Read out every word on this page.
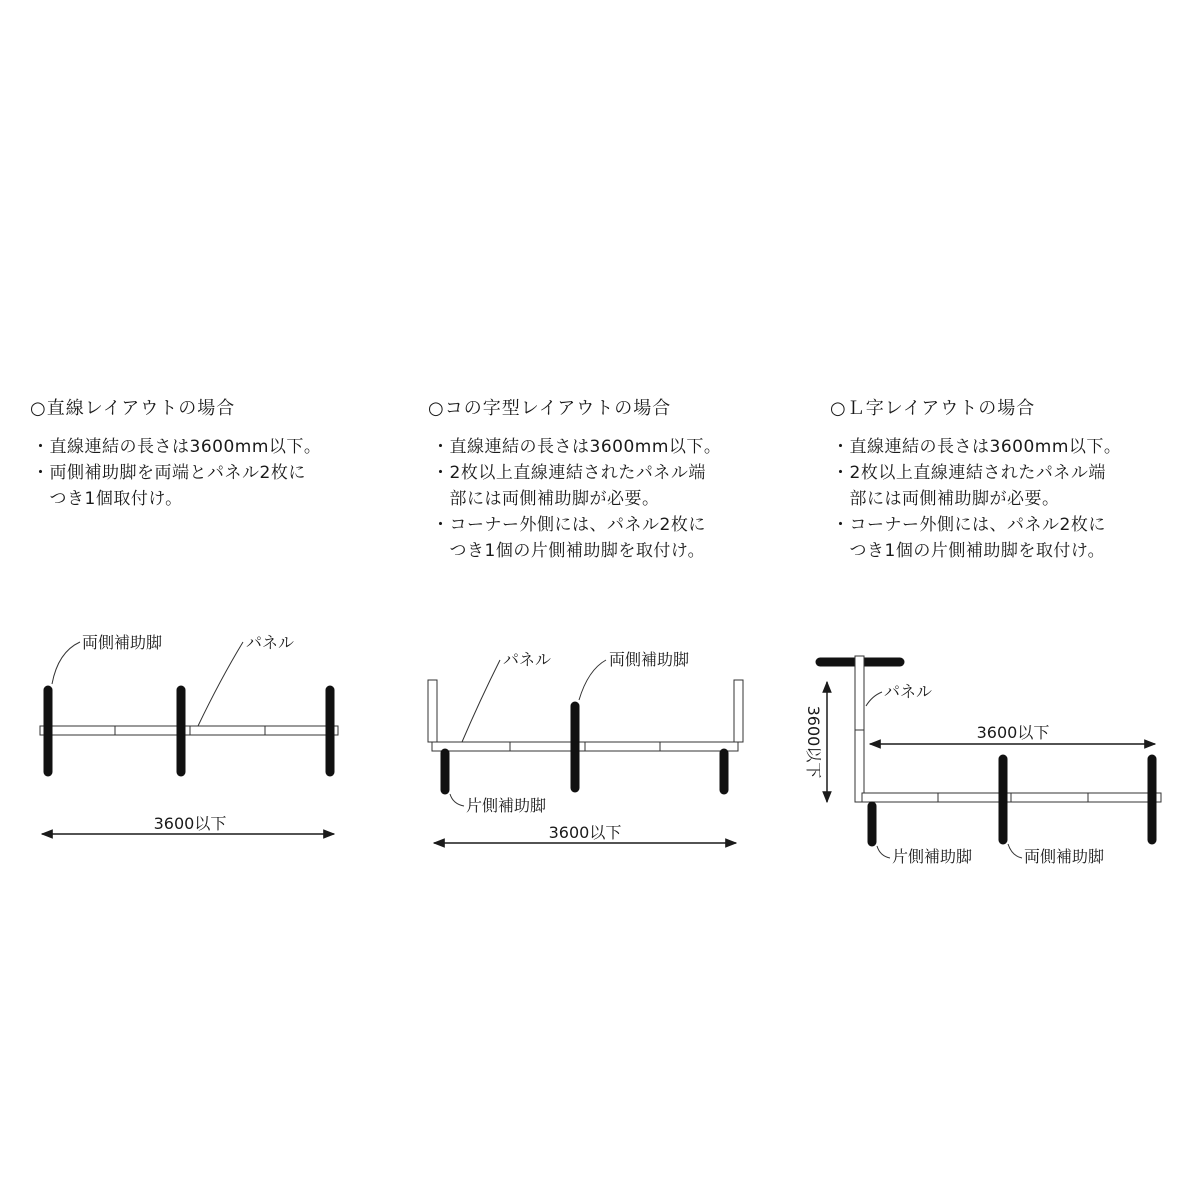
○直線レイアウトの場合
・直線連結の長さは3600mm以下。
・両側補助脚を両端とパネル2枚に
　つき1個取付け。
○コの字型レイアウトの場合
・直線連結の長さは3600mm以下。
・2枚以上直線連結されたパネル端
　部には両側補助脚が必要。
・コーナー外側には、パネル2枚に
　つき1個の片側補助脚を取付け。
○Ｌ字レイアウトの場合
・直線連結の長さは3600mm以下。
・2枚以上直線連結されたパネル端
　部には両側補助脚が必要。
・コーナー外側には、パネル2枚に
　つき1個の片側補助脚を取付け。
両側補助脚	パネル
3600以下
パネル	両側補助脚
片側補助脚
3600以下
パネル
3600以下
3600以下
片側補助脚	両側補助脚
